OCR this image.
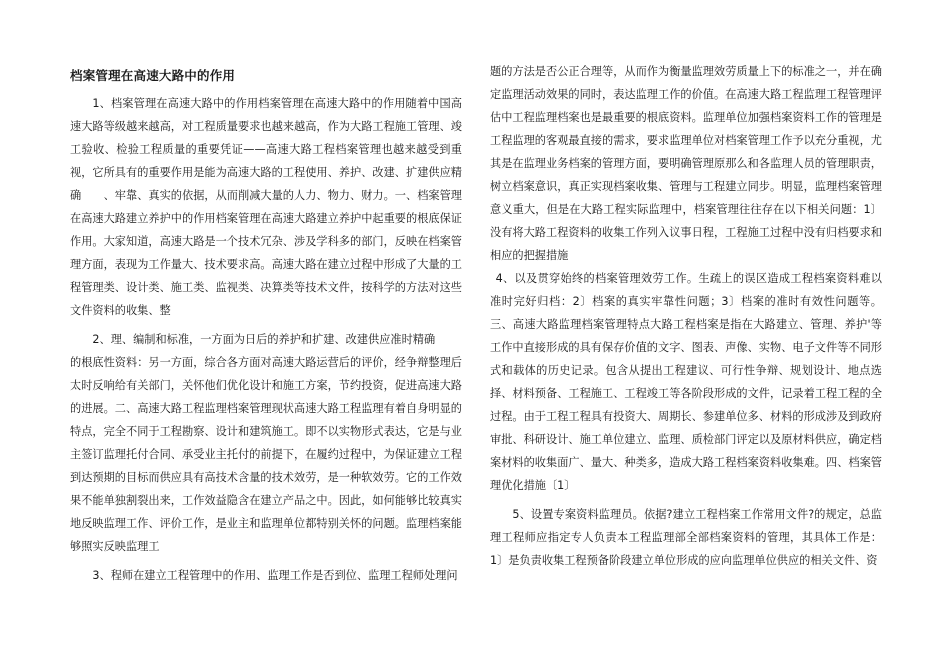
档案管理在高速大路中的作用

1、档案管理在高速大路中的作用档案管理在高速大路中的作用随着中国高速大路等级越来越高，对工程质量要求也越来越高，作为大路工程施工管理、竣工验收、检验工程质量的重要凭证——高速大路工程档案管理也越来越受到重视，它所具有的重要作用是能为高速大路的工程使用、养护、改建、扩建供应精确　　、牢靠、真实的依据，从而削减大量的人力、物力、财力。一、档案管理在高速大路建立养护中的作用档案管理在高速大路建立养护中起重要的根底保证作用。大家知道，高速大路是一个技术冗杂、涉及学科多的部门，反映在档案管理方面，表现为工作量大、技术要求高。高速大路在建立过程中形成了大量的工程管理类、设计类、施工类、监视类、决算类等技术文件，按科学的方法对这些文件资料的收集、整

2、理、编制和标准，一方面为日后的养护和扩建、改建供应准时精确
的根底性资料：另一方面，综合各方面对高速大路运营后的评价，经争辩整理后太时反响给有关部门，关怀他们优化设计和施工方案，节约投资，促进高速大路的进展。二、高速大路工程监理档案管理现状高速大路工程监理有着自身明显的特点，完全不同于工程勘察、设计和建筑施工。即不以实物形式表达，它是与业主签订监理托付合同、承受业主托付的前提下，在履约过程中，为保证建立工程到达预期的目标而供应具有高技术含量的技术效劳，是一种软效劳。它的工作效果不能单独割裂出来，工作效益隐含在建立产品之中。因此，如何能够比较真实地反映监理工作、评价工作，是业主和监理单位都特别关怀的问题。监理档案能够照实反映监理工

3、程师在建立工程管理中的作用、监理工作是否到位、监理工程师处理问

题的方法是否公正合理等，从而作为衡量监理效劳质量上下的标准之一，并在确定监理活动效果的同时，表达监理工作的价值。在高速大路工程监理工程管理评估中工程监理档案也是最重要的根底资料。监理单位加强档案资料工作的管理是工程监理的客观最直接的需求，要求监理单位对档案管理工作予以充分重视，尤其是在监理业务档案的管理方面，要明确管理原那么和各监理人员的管理职责，树立档案意识，真正实现档案收集、管理与工程建立同步。明显，监理档案管理意义重大，但是在大路工程实际监理中，档案管理往往存在以下相关问题：1〕没有将大路工程资料的收集工作列入议事日程，工程施工过程中没有归档要求和相应的把握措施

4、以及贯穿始终的档案管理效劳工作。生疏上的误区造成工程档案资料难以准时完好归档：2〕档案的真实牢靠性问题；3〕档案的准时有效性问题等。三、高速大路监理档案管理特点大路工程档案是指在大路建立、管理、养护'等工作中直接形成的具有保存价值的文字、图表、声像、实物、电子文件等不同形式和载体的历史记录。包含从提出工程建议、可行性争辩、规划设计、地点选择、材料预备、工程施工、工程竣工等各阶段形成的文件，记录着工程工程的全过程。由于工程工程具有投资大、周期长、参建单位多、材料的形成涉及到政府审批、科研设计、施工单位建立、监理、质检部门评定以及原材料供应，确定档案材料的收集面广、量大、种类多，造成大路工程档案资料收集难。四、档案管理优化措施〔1〕

5、设置专案资料监理员。依据?建立工程档案工作常用文件?的规定，总监理工程师应指定专人负责本工程监理部全部档案资料的管理，其具体工作是：1〕是负责收集工程预备阶段建立单位形成的应向监理单位供应的相关文件、资
